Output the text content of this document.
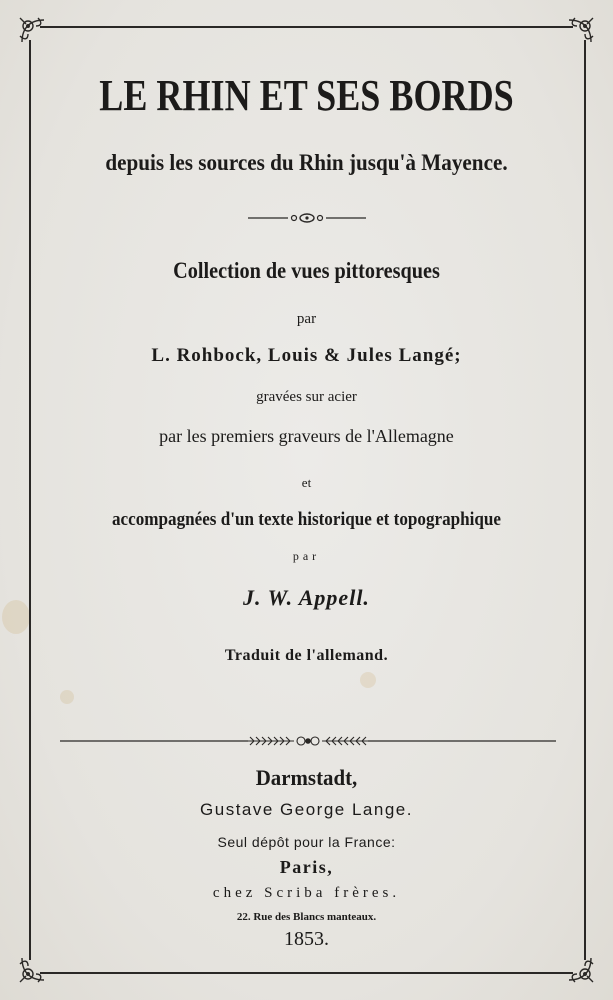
LE RHIN ET SES BORDS
depuis les sources du Rhin jusqu'à Mayence.
Collection de vues pittoresques
par
L. Rohbock, Louis & Jules Langé;
gravées sur acier
par les premiers graveurs de l'Allemagne
et
accompagnées d'un texte historique et topographique
par
J. W. Appell.
Traduit de l'allemand.
Darmstadt,
Gustave George Lange.
Seul dépôt pour la France:
Paris,
chez Scriba frères.
22. Rue des Blancs manteaux.
1853.
